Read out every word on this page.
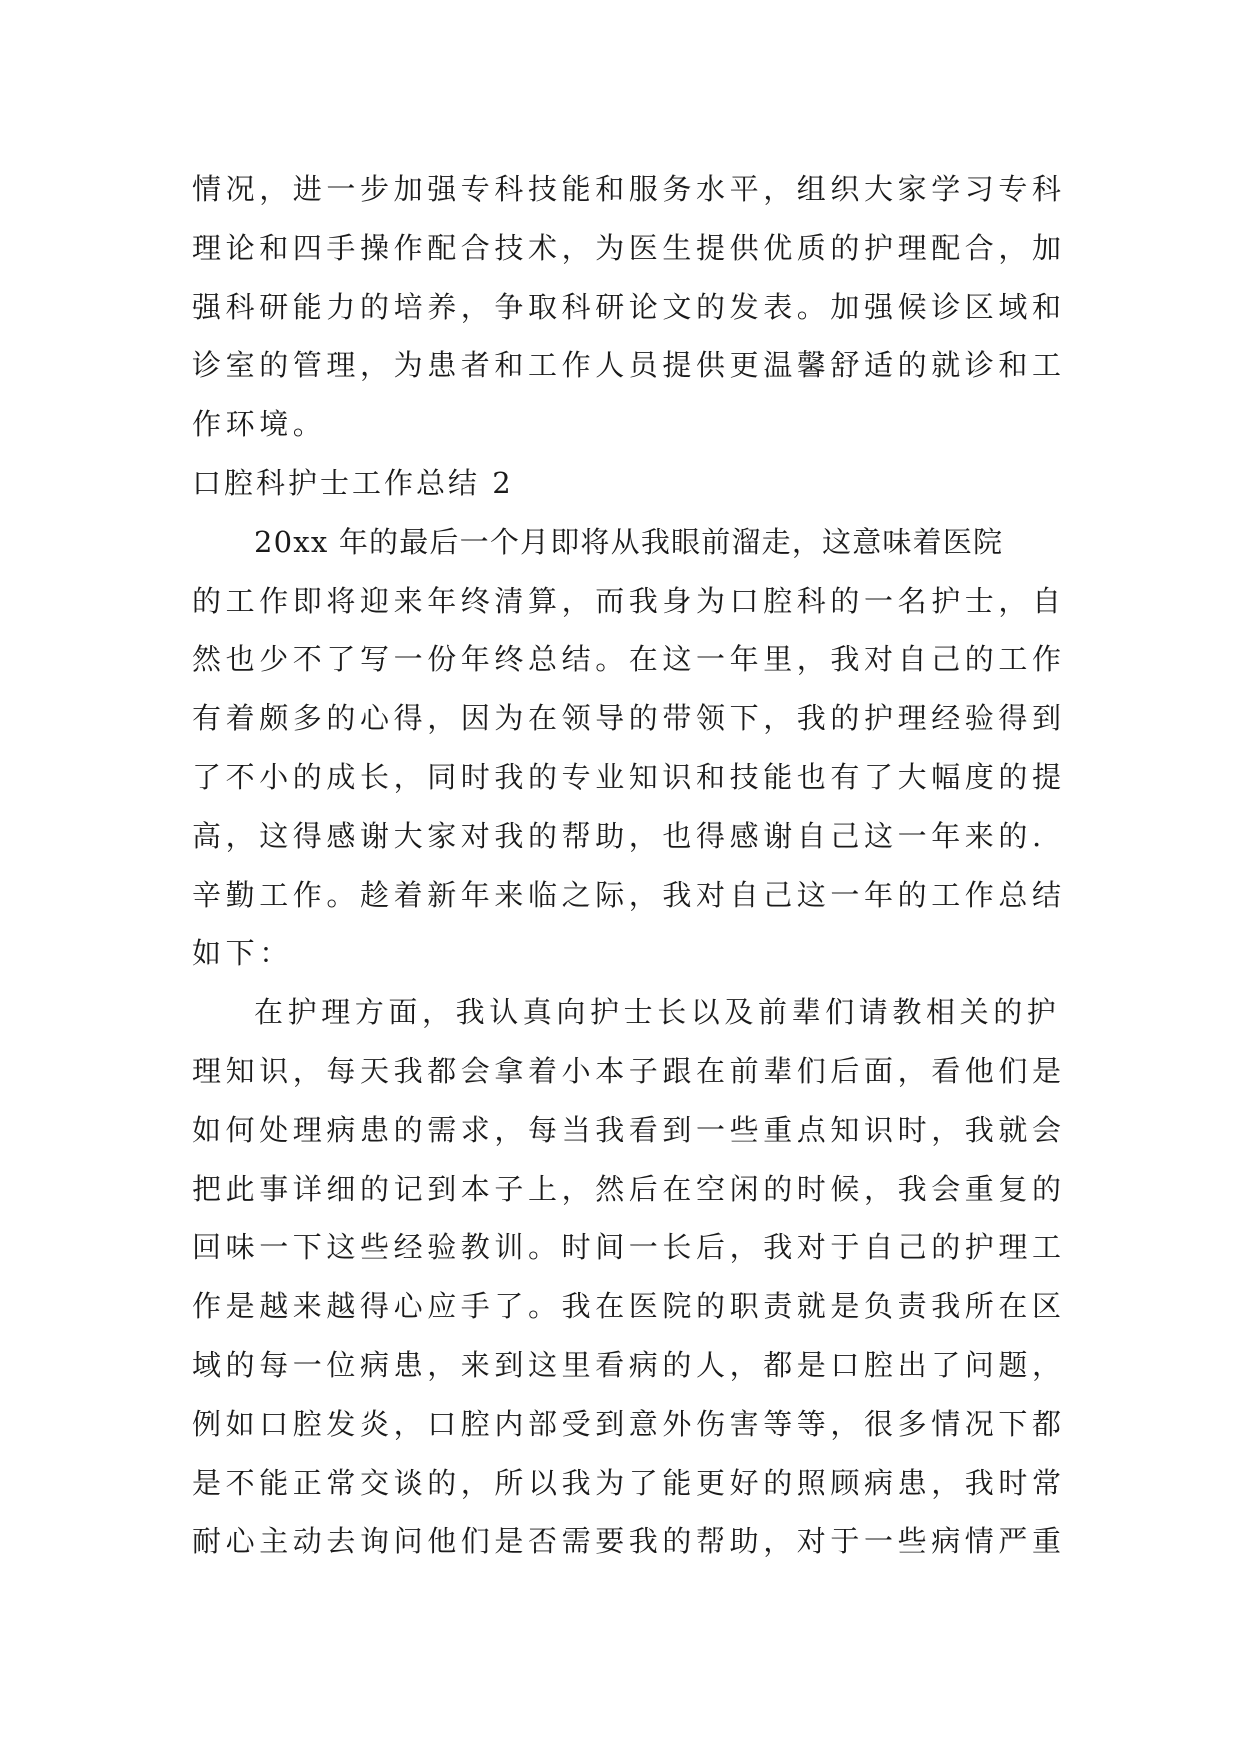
情况，进一步加强专科技能和服务水平，组织大家学习专科
理论和四手操作配合技术，为医生提供优质的护理配合，加
强科研能力的培养，争取科研论文的发表。加强候诊区域和
诊室的管理，为患者和工作人员提供更温馨舒适的就诊和工
作环境。
口腔科护士工作总结 2
20xx 年的最后一个月即将从我眼前溜走，这意味着医院
的工作即将迎来年终清算，而我身为口腔科的一名护士，自
然也少不了写一份年终总结。在这一年里，我对自己的工作
有着颇多的心得，因为在领导的带领下，我的护理经验得到
了不小的成长，同时我的专业知识和技能也有了大幅度的提
高，这得感谢大家对我的帮助，也得感谢自己这一年来的.
辛勤工作。趁着新年来临之际，我对自己这一年的工作总结
如下：
在护理方面，我认真向护士长以及前辈们请教相关的护
理知识，每天我都会拿着小本子跟在前辈们后面，看他们是
如何处理病患的需求，每当我看到一些重点知识时，我就会
把此事详细的记到本子上，然后在空闲的时候，我会重复的
回味一下这些经验教训。时间一长后，我对于自己的护理工
作是越来越得心应手了。我在医院的职责就是负责我所在区
域的每一位病患，来到这里看病的人，都是口腔出了问题，
例如口腔发炎，口腔内部受到意外伤害等等，很多情况下都
是不能正常交谈的，所以我为了能更好的照顾病患，我时常
耐心主动去询问他们是否需要我的帮助，对于一些病情严重
